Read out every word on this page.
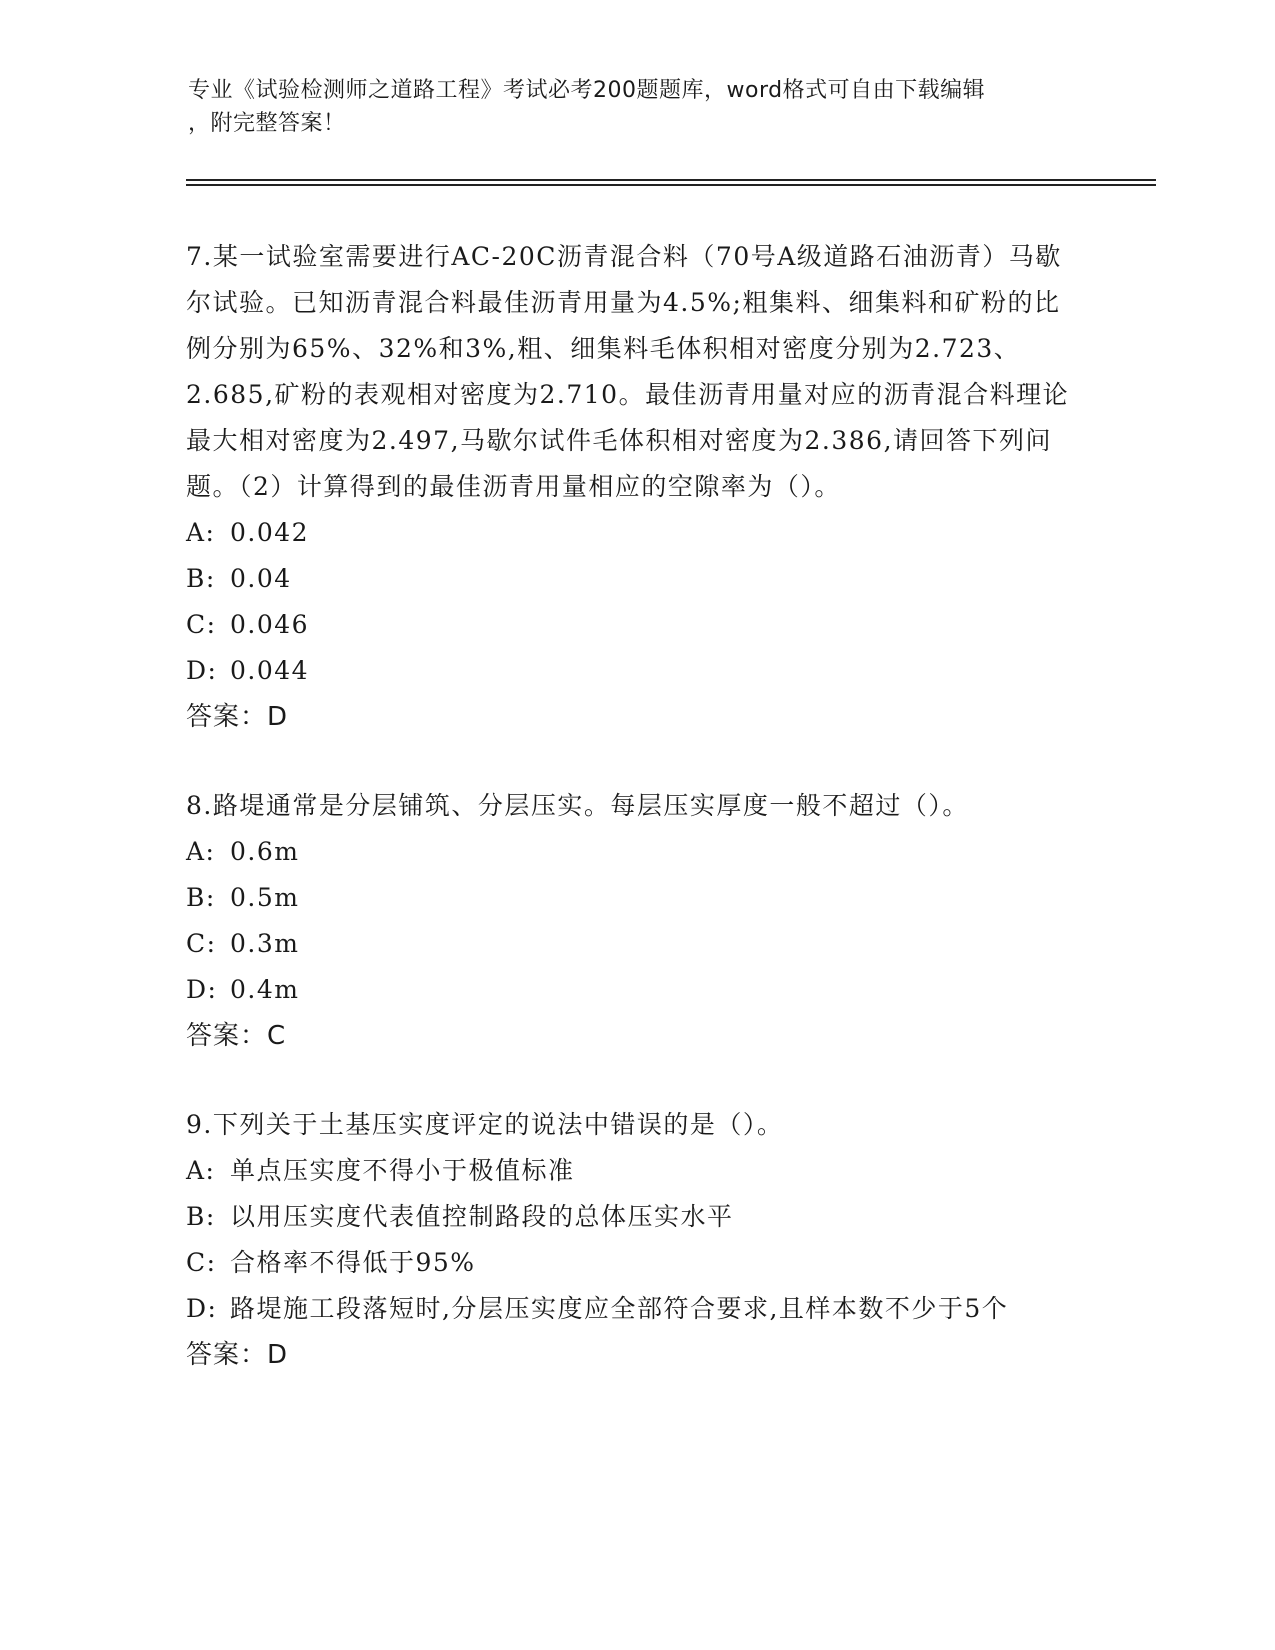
专业《试验检测师之道路工程》考试必考200题题库，word格式可自由下载编辑
，附完整答案！
7.某一试验室需要进行AC-20C沥青混合料（70号A级道路石油沥青）马歇尔试验。已知沥青混合料最佳沥青用量为4.5%;粗集料、细集料和矿粉的比例分别为65%、32%和3%,粗、细集料毛体积相对密度分别为2.723、2.685,矿粉的表观相对密度为2.710。最佳沥青用量对应的沥青混合料理论最大相对密度为2.497,马歇尔试件毛体积相对密度为2.386,请回答下列问题。（2）计算得到的最佳沥青用量相应的空隙率为（）。
A: 0.042
B: 0.04
C: 0.046
D: 0.044
答案：D
8.路堤通常是分层铺筑、分层压实。每层压实厚度一般不超过（）。
A: 0.6m
B: 0.5m
C: 0.3m
D: 0.4m
答案：C
9.下列关于土基压实度评定的说法中错误的是（）。
A: 单点压实度不得小于极值标准
B: 以用压实度代表值控制路段的总体压实水平
C: 合格率不得低于95%
D: 路堤施工段落短时,分层压实度应全部符合要求,且样本数不少于5个
答案：D
